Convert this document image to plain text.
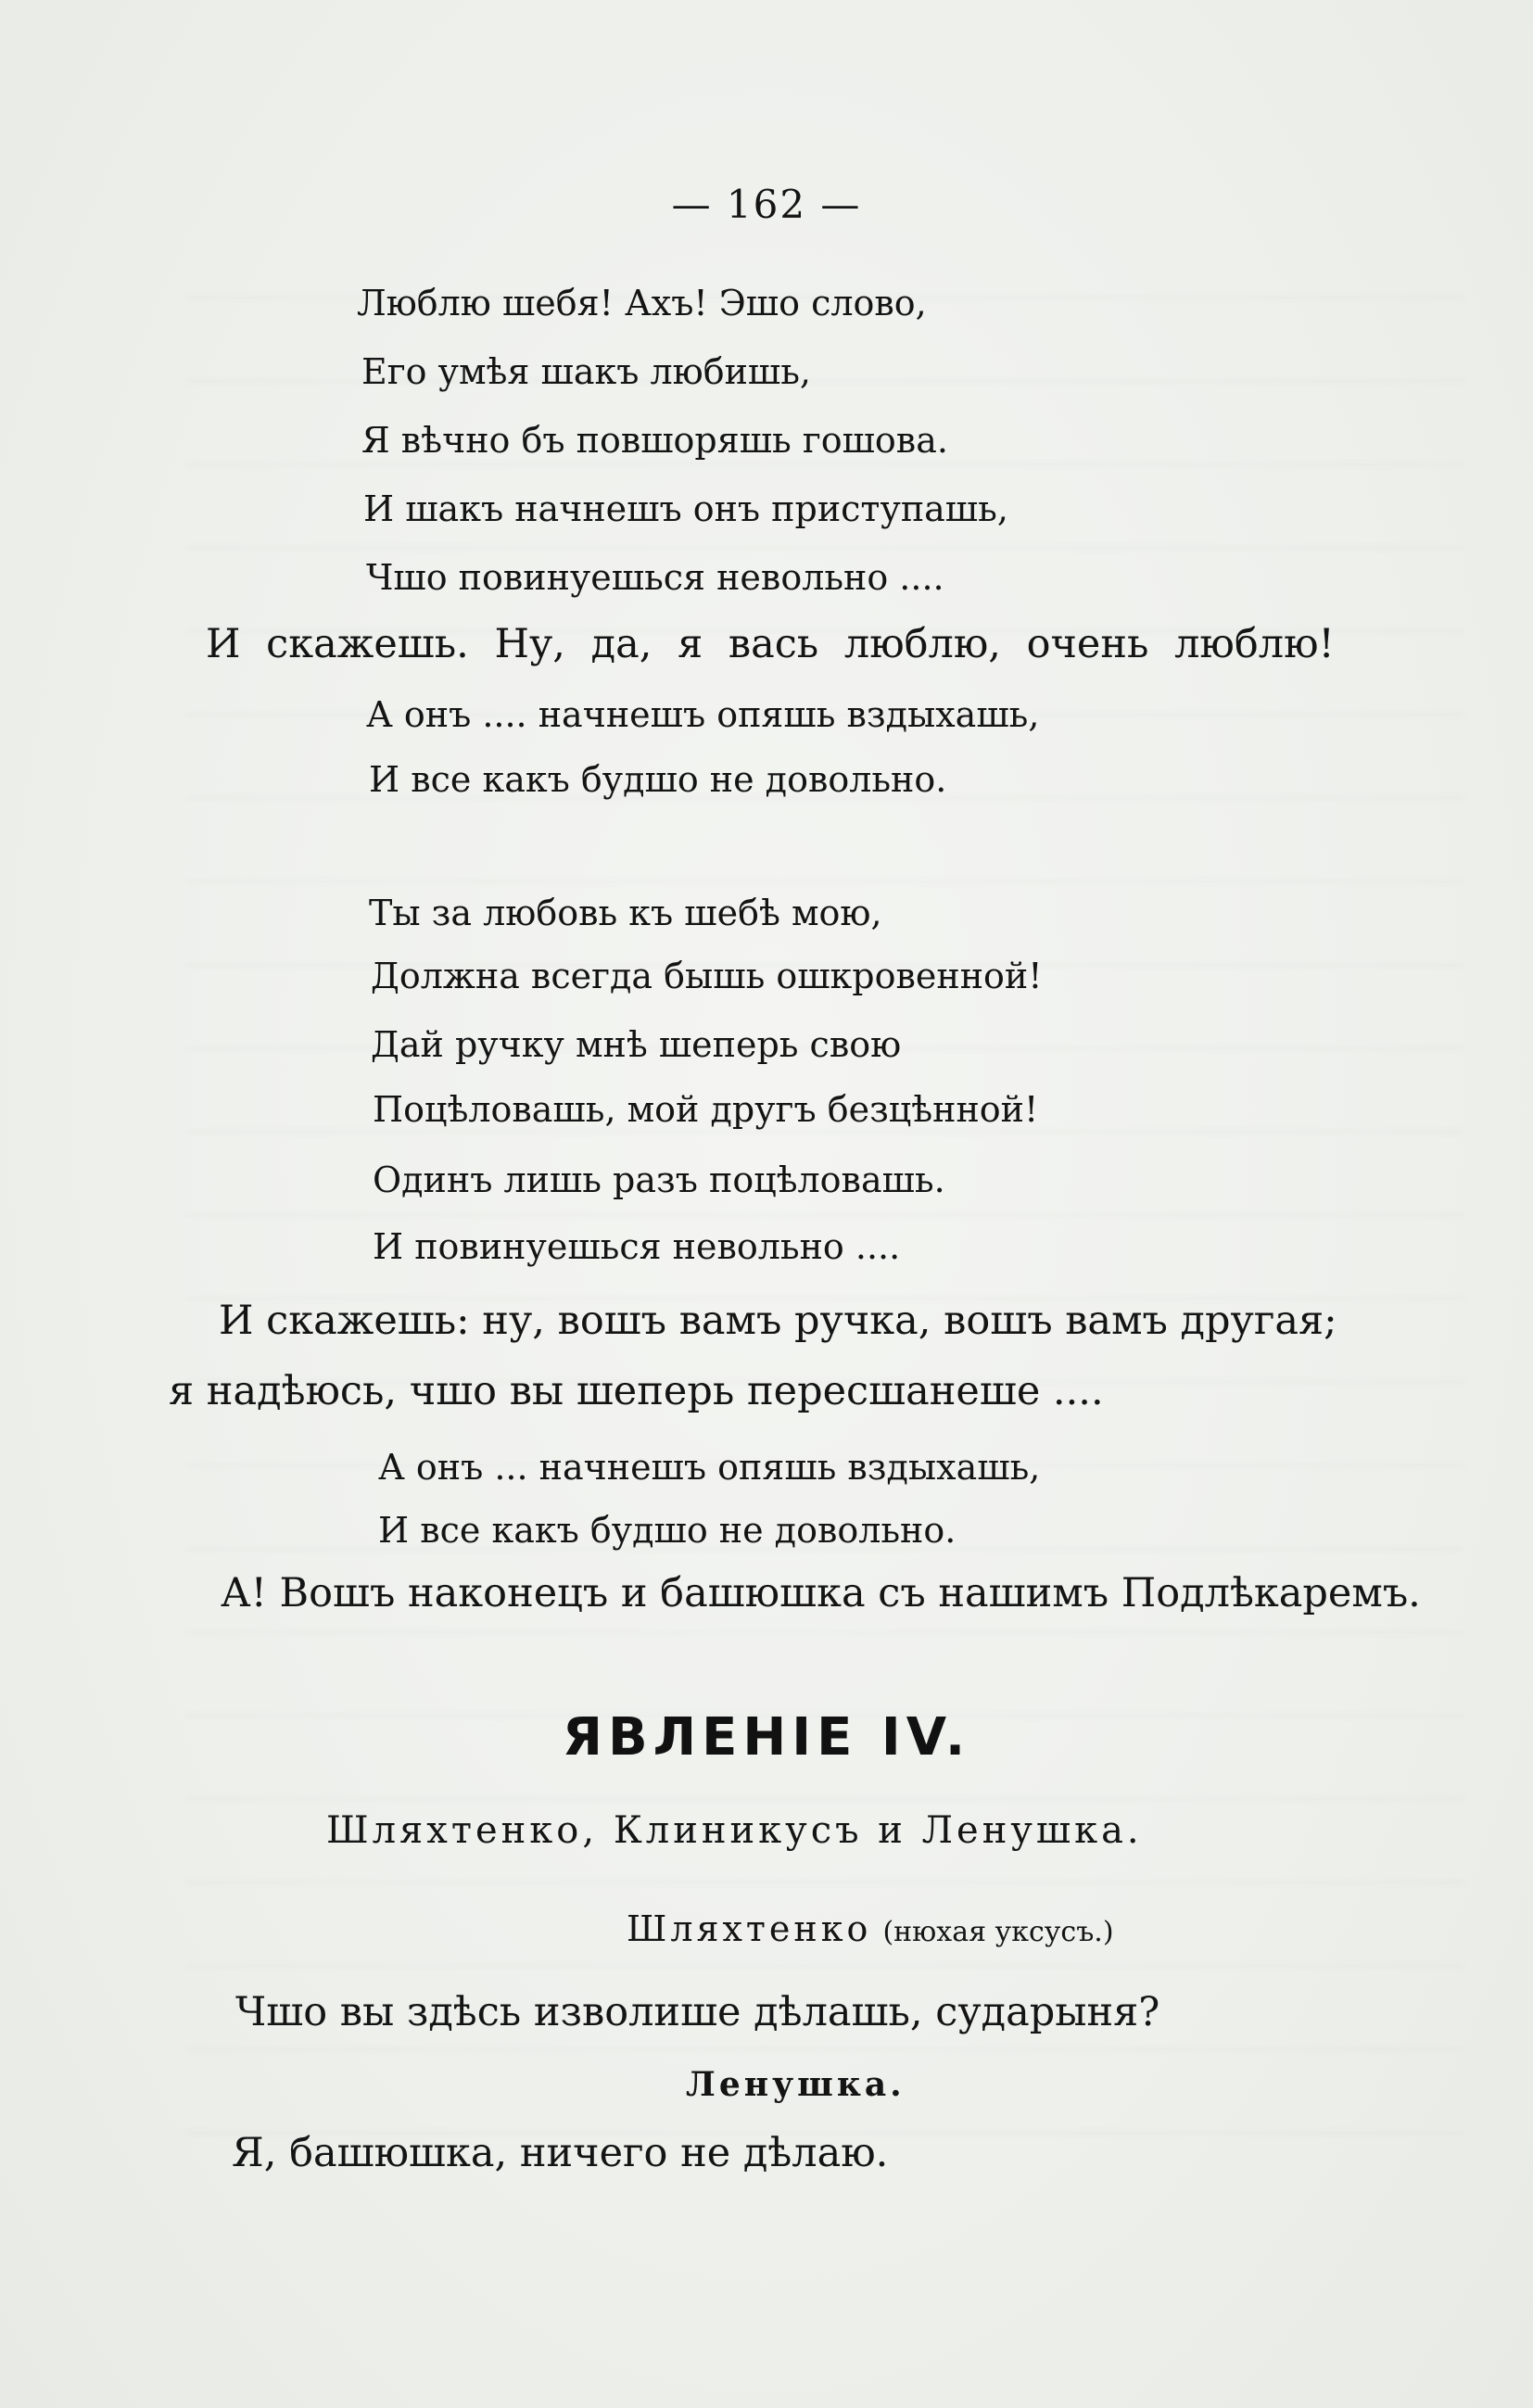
— 162 —
Люблю шебя! Ахъ! Эшо слово,
Его умѣя шакъ любишь,
Я вѣчно бъ повшоряшь гошова.
И шакъ начнешъ онъ приступашь,
Чшо повинуешься невольно ....
И скажешь. Ну, да, я вась люблю, очень люблю!
А онъ .... начнешъ опяшь вздыхашь,
И все какъ будшо не довольно.
Ты за любовь къ шебѣ мою,
Должна всегда бышь ошкровенной!
Дай ручку мнѣ шеперь свою
Поцѣловашь, мой другъ безцѣнной!
Одинъ лишь разъ поцѣловашь.
И повинуешься невольно ....
И скажешь: ну, вошъ вамъ ручка, вошъ вамъ другая;
я надѣюсь, чшо вы шеперь пересшанеше ....
А онъ ... начнешъ опяшь вздыхашь,
И все какъ будшо не довольно.
А! Вошъ наконецъ и башюшка съ нашимъ Подлѣкаремъ.
ЯВЛЕНІЕ IV.
Шляхтенко, Клиникусъ и Ленушка.
Шляхтенко (нюхая уксусъ.)
Чшо вы здѣсь изволише дѣлашь, сударыня?
Ленушка.
Я, башюшка, ничего не дѣлаю.
